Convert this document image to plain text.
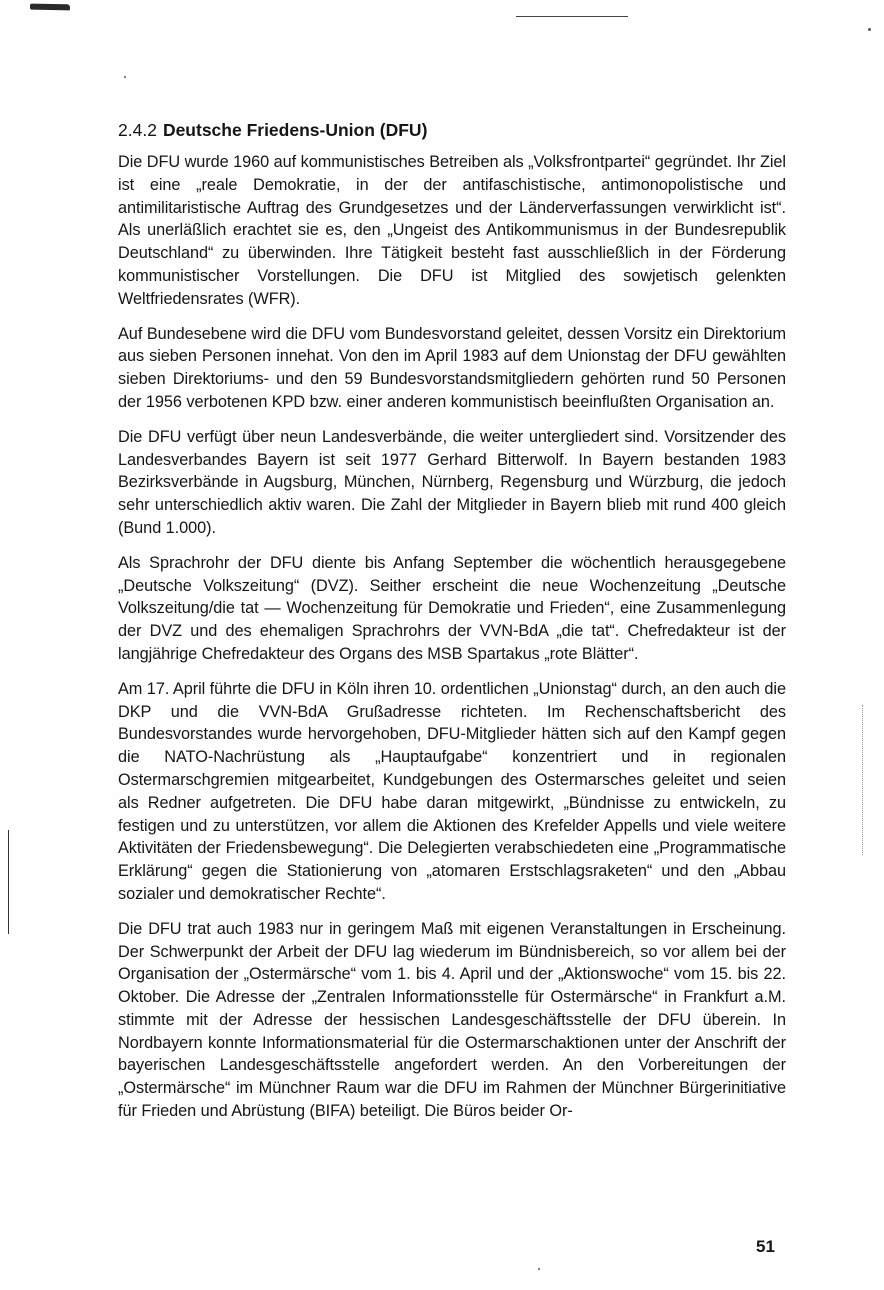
2.4.2 Deutsche Friedens-Union (DFU)

Die DFU wurde 1960 auf kommunistisches Betreiben als „Volksfrontpartei“ gegründet. Ihr Ziel ist eine „reale Demokratie, in der der antifaschistische, antimonopolistische und antimilitaristische Auftrag des Grundgesetzes und der Länderverfassungen verwirklicht ist“. Als unerläßlich erachtet sie es, den „Ungeist des Antikommunismus in der Bundesrepublik Deutschland“ zu überwinden. Ihre Tätigkeit besteht fast ausschließlich in der Förderung kommunistischer Vorstellungen. Die DFU ist Mitglied des sowjetisch gelenkten Weltfriedensrates (WFR).

Auf Bundesebene wird die DFU vom Bundesvorstand geleitet, dessen Vorsitz ein Direktorium aus sieben Personen innehat. Von den im April 1983 auf dem Unionstag der DFU gewählten sieben Direktoriums- und den 59 Bundesvorstandsmitgliedern gehörten rund 50 Personen der 1956 verbotenen KPD bzw. einer anderen kommunistisch beeinflußten Organisation an.

Die DFU verfügt über neun Landesverbände, die weiter untergliedert sind. Vorsitzender des Landesverbandes Bayern ist seit 1977 Gerhard Bitterwolf. In Bayern bestanden 1983 Bezirksverbände in Augsburg, München, Nürnberg, Regensburg und Würzburg, die jedoch sehr unterschiedlich aktiv waren. Die Zahl der Mitglieder in Bayern blieb mit rund 400 gleich (Bund 1.000).

Als Sprachrohr der DFU diente bis Anfang September die wöchentlich herausgegebene „Deutsche Volkszeitung“ (DVZ). Seither erscheint die neue Wochenzeitung „Deutsche Volkszeitung/die tat — Wochenzeitung für Demokratie und Frieden“, eine Zusammenlegung der DVZ und des ehemaligen Sprachrohrs der VVN-BdA „die tat“. Chefredakteur ist der langjährige Chefredakteur des Organs des MSB Spartakus „rote Blätter“.

Am 17. April führte die DFU in Köln ihren 10. ordentlichen „Unionstag“ durch, an den auch die DKP und die VVN-BdA Grußadresse richteten. Im Rechenschaftsbericht des Bundesvorstandes wurde hervorgehoben, DFU-Mitglieder hätten sich auf den Kampf gegen die NATO-Nachrüstung als „Hauptaufgabe“ konzentriert und in regionalen Ostermarschgremien mitgearbeitet, Kundgebungen des Ostermarsches geleitet und seien als Redner aufgetreten. Die DFU habe daran mitgewirkt, „Bündnisse zu entwickeln, zu festigen und zu unterstützen, vor allem die Aktionen des Krefelder Appells und viele weitere Aktivitäten der Friedensbewegung“. Die Delegierten verabschiedeten eine „Programmatische Erklärung“ gegen die Stationierung von „atomaren Erstschlagsraketen“ und den „Abbau sozialer und demokratischer Rechte“.

Die DFU trat auch 1983 nur in geringem Maß mit eigenen Veranstaltungen in Erscheinung. Der Schwerpunkt der Arbeit der DFU lag wiederum im Bündnisbereich, so vor allem bei der Organisation der „Ostermärsche“ vom 1. bis 4. April und der „Aktionswoche“ vom 15. bis 22. Oktober. Die Adresse der „Zentralen Informationsstelle für Ostermärsche“ in Frankfurt a.M. stimmte mit der Adresse der hessischen Landesgeschäftsstelle der DFU überein. In Nordbayern konnte Informationsmaterial für die Ostermarschaktionen unter der Anschrift der bayerischen Landesgeschäftsstelle angefordert werden. An den Vorbereitungen der „Ostermärsche“ im Münchner Raum war die DFU im Rahmen der Münchner Bürgerinitiative für Frieden und Abrüstung (BIFA) beteiligt. Die Büros beider Or-

51
